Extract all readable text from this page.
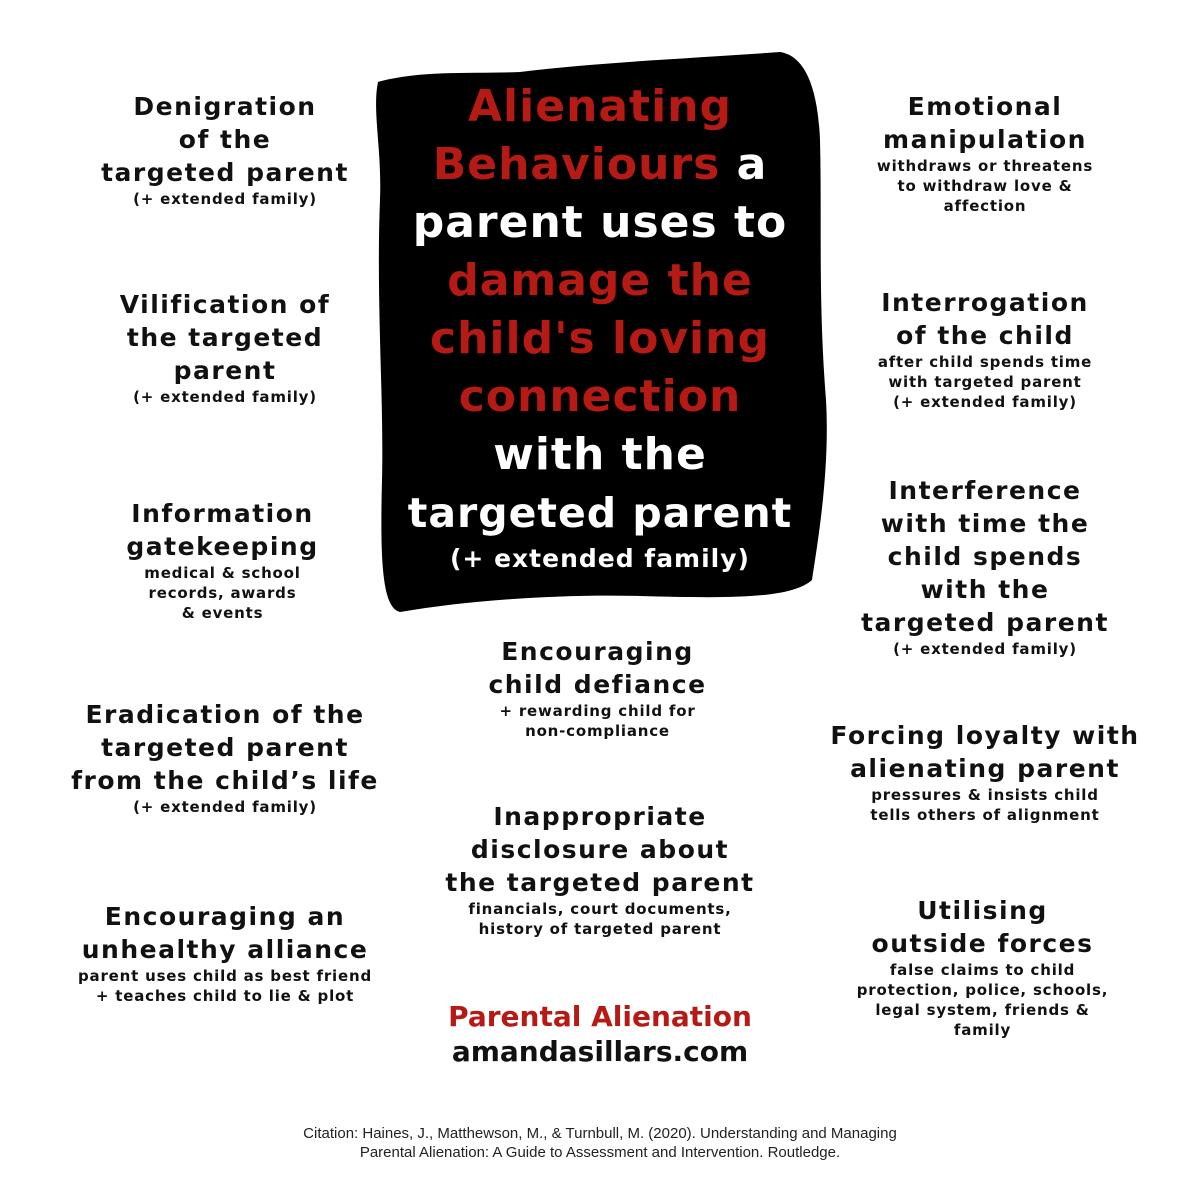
Alienating
Behaviours a
parent uses to
damage the
child's loving
connection
with the
targeted parent
(+ extended family)
Denigration
of the
targeted parent
(+ extended family)
Vilification of
the targeted
parent
(+ extended family)
Information
gatekeeping
medical & school
records, awards
& events
Eradication of the
targeted parent
from the child’s life
(+ extended family)
Encouraging an
unhealthy alliance
parent uses child as best friend
+ teaches child to lie & plot
Encouraging
child defiance
+ rewarding child for
non-compliance
Inappropriate
disclosure about
the targeted parent
financials, court documents,
history of targeted parent
Emotional
manipulation
withdraws or threatens
to withdraw love &
affection
Interrogation
of the child
after child spends time
with targeted parent
(+ extended family)
Interference
with time the
child spends
with the
targeted parent
(+ extended family)
Forcing loyalty with
alienating parent
pressures & insists child
tells others of alignment
Utilising
outside forces
false claims to child
protection, police, schools,
legal system, friends &
family
Parental Alienation
amandasillars.com
Citation: Haines, J., Matthewson, M., & Turnbull, M. (2020). Understanding and Managing
Parental Alienation: A Guide to Assessment and Intervention. Routledge.
